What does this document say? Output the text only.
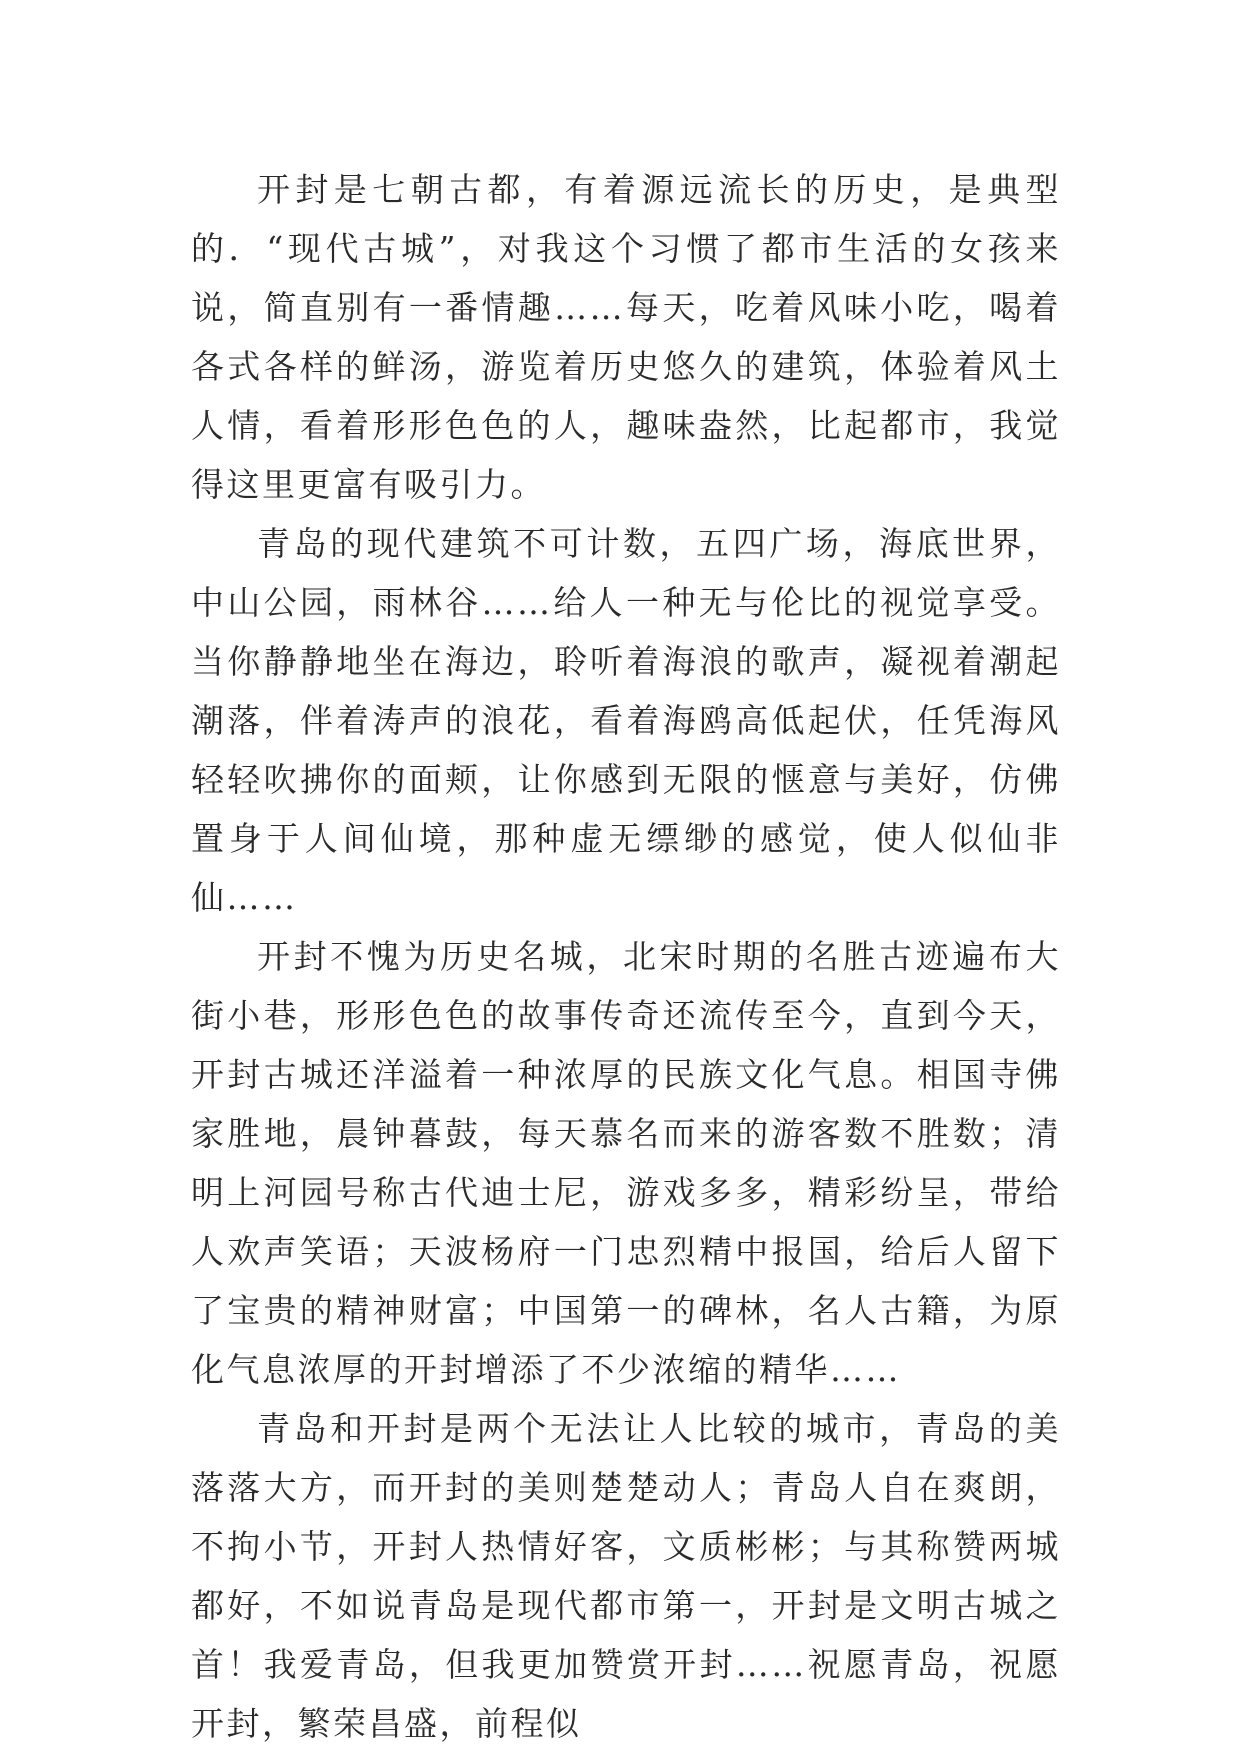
开封是七朝古都，有着源远流长的历史，是典型的．“现代古城”，对我这个习惯了都市生活的女孩来说，简直别有一番情趣……每天，吃着风味小吃，喝着各式各样的鲜汤，游览着历史悠久的建筑，体验着风土人情，看着形形色色的人，趣味盎然，比起都市，我觉得这里更富有吸引力。

青岛的现代建筑不可计数，五四广场，海底世界，中山公园，雨林谷……给人一种无与伦比的视觉享受。当你静静地坐在海边，聆听着海浪的歌声，凝视着潮起潮落，伴着涛声的浪花，看着海鸥高低起伏，任凭海风轻轻吹拂你的面颊，让你感到无限的惬意与美好，仿佛置身于人间仙境，那种虚无缥缈的感觉，使人似仙非仙……

开封不愧为历史名城，北宋时期的名胜古迹遍布大街小巷，形形色色的故事传奇还流传至今，直到今天，开封古城还洋溢着一种浓厚的民族文化气息。相国寺佛家胜地，晨钟暮鼓，每天慕名而来的游客数不胜数；清明上河园号称古代迪士尼，游戏多多，精彩纷呈，带给人欢声笑语；天波杨府一门忠烈精中报国，给后人留下了宝贵的精神财富；中国第一的碑林，名人古籍，为原化气息浓厚的开封增添了不少浓缩的精华……

青岛和开封是两个无法让人比较的城市，青岛的美落落大方，而开封的美则楚楚动人；青岛人自在爽朗，不拘小节，开封人热情好客，文质彬彬；与其称赞两城都好，不如说青岛是现代都市第一，开封是文明古城之首！我爱青岛，但我更加赞赏开封……祝愿青岛，祝愿开封，繁荣昌盛，前程似
